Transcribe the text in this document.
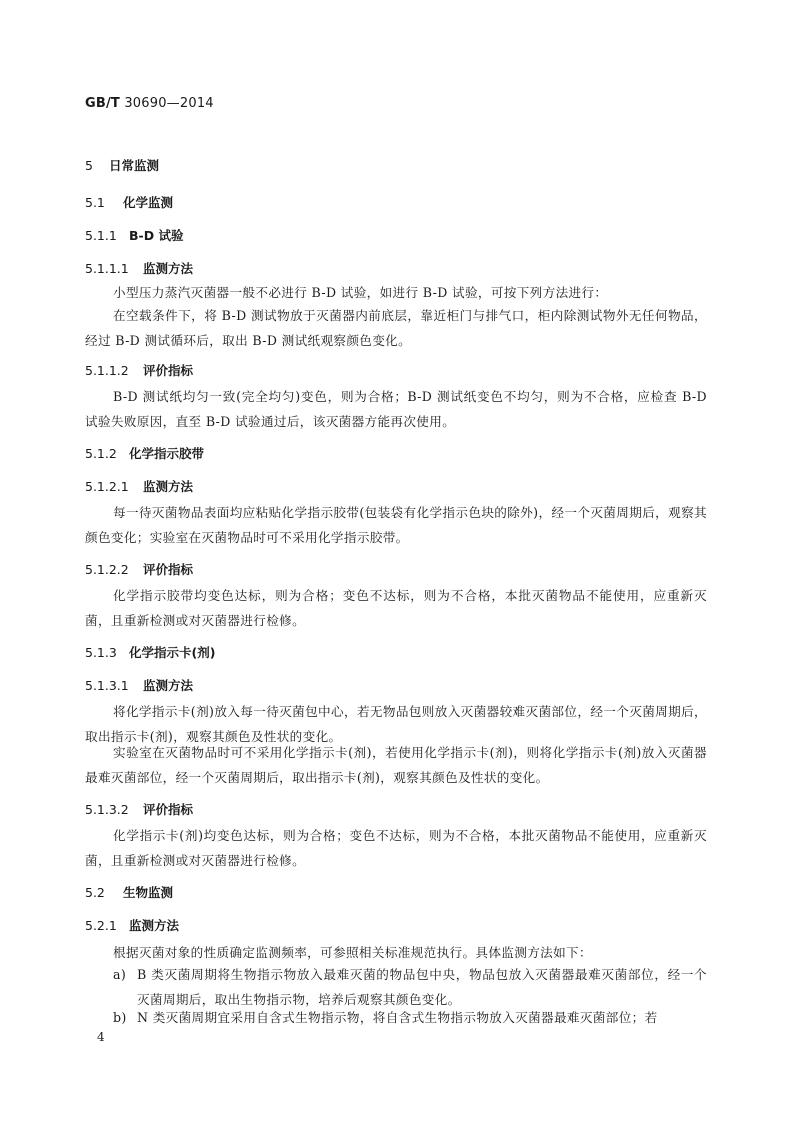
GB/T 30690—2014
5 日常监测
5.1 化学监测
5.1.1 B-D 试验
5.1.1.1 监测方法

小型压力蒸汽灭菌器一般不必进行 B-D 试验，如进行 B-D 试验，可按下列方法进行：

在空载条件下，将 B-D 测试物放于灭菌器内前底层，靠近柜门与排气口，柜内除测试物外无任何物品，经过 B-D 测试循环后，取出 B-D 测试纸观察颜色变化。

5.1.1.2 评价指标

B-D 测试纸均匀一致(完全均匀)变色，则为合格；B-D 测试纸变色不均匀，则为不合格，应检查 B-D 试验失败原因，直至 B-D 试验通过后，该灭菌器方能再次使用。

5.1.2 化学指示胶带
5.1.2.1 监测方法

每一待灭菌物品表面均应粘贴化学指示胶带(包装袋有化学指示色块的除外)，经一个灭菌周期后，观察其颜色变化；实验室在灭菌物品时可不采用化学指示胶带。

5.1.2.2 评价指标

化学指示胶带均变色达标，则为合格；变色不达标，则为不合格，本批灭菌物品不能使用，应重新灭菌，且重新检测或对灭菌器进行检修。

5.1.3 化学指示卡(剂)
5.1.3.1 监测方法

将化学指示卡(剂)放入每一待灭菌包中心，若无物品包则放入灭菌器较难灭菌部位，经一个灭菌周期后，取出指示卡(剂)，观察其颜色及性状的变化。

实验室在灭菌物品时可不采用化学指示卡(剂)，若使用化学指示卡(剂)，则将化学指示卡(剂)放入灭菌器最难灭菌部位，经一个灭菌周期后，取出指示卡(剂)，观察其颜色及性状的变化。

5.1.3.2 评价指标

化学指示卡(剂)均变色达标，则为合格；变色不达标，则为不合格，本批灭菌物品不能使用，应重新灭菌，且重新检测或对灭菌器进行检修。

5.2 生物监测
5.2.1 监测方法

根据灭菌对象的性质确定监测频率，可参照相关标准规范执行。具体监测方法如下：

a) B 类灭菌周期将生物指示物放入最难灭菌的物品包中央，物品包放入灭菌器最难灭菌部位，经一个灭菌周期后，取出生物指示物，培养后观察其颜色变化。
b) N 类灭菌周期宜采用自含式生物指示物，将自含式生物指示物放入灭菌器最难灭菌部位；若
4
